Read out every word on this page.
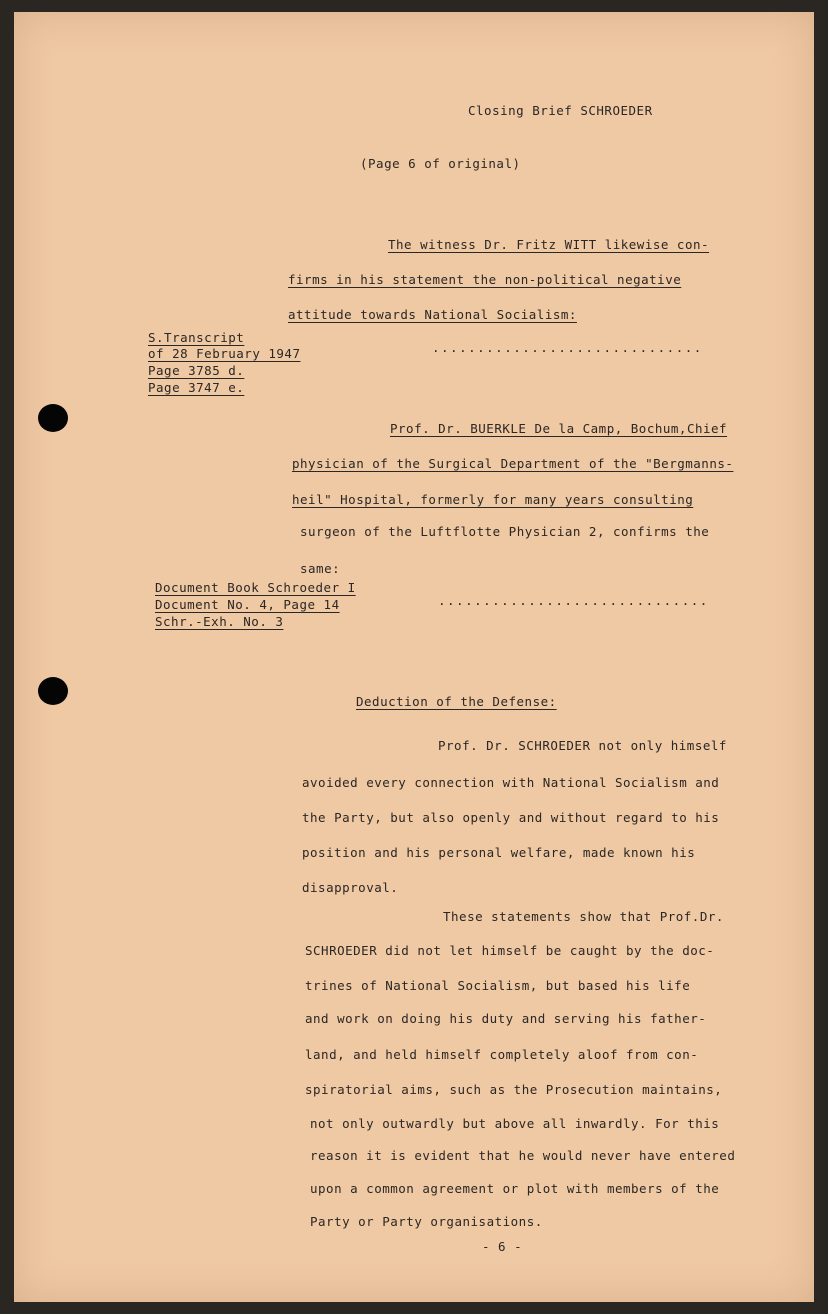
Closing Brief SCHROEDER
(Page 6 of original)
The witness Dr. Fritz WITT likewise con-
firms in his statement the non-political negative
attitude towards National Socialism:
S.Transcript
of 28 February 1947
Page 3785 d.
Page 3747 e.
..............................
Prof. Dr. BUERKLE De la Camp, Bochum,Chief
physician of the Surgical Department of the "Bergmanns-
heil" Hospital, formerly for many years consulting
surgeon of the Luftflotte Physician 2, confirms the
same:
Document Book Schroeder I
Document No. 4, Page 14
Schr.-Exh. No. 3
..............................
Deduction of the Defense:
Prof. Dr. SCHROEDER not only himself
avoided every connection with National Socialism and
the Party, but also openly and without regard to his
position and his personal welfare, made known his
disapproval.
These statements show that Prof.Dr.
SCHROEDER did not let himself be caught by the doc-
trines of National Socialism, but based his life
and work on doing his duty and serving his father-
land, and held himself completely aloof from con-
spiratorial aims, such as the Prosecution maintains,
not only outwardly but above all inwardly. For this
reason it is evident that he would never have entered
upon a common agreement or plot with members of the
Party or Party organisations.
- 6 -
